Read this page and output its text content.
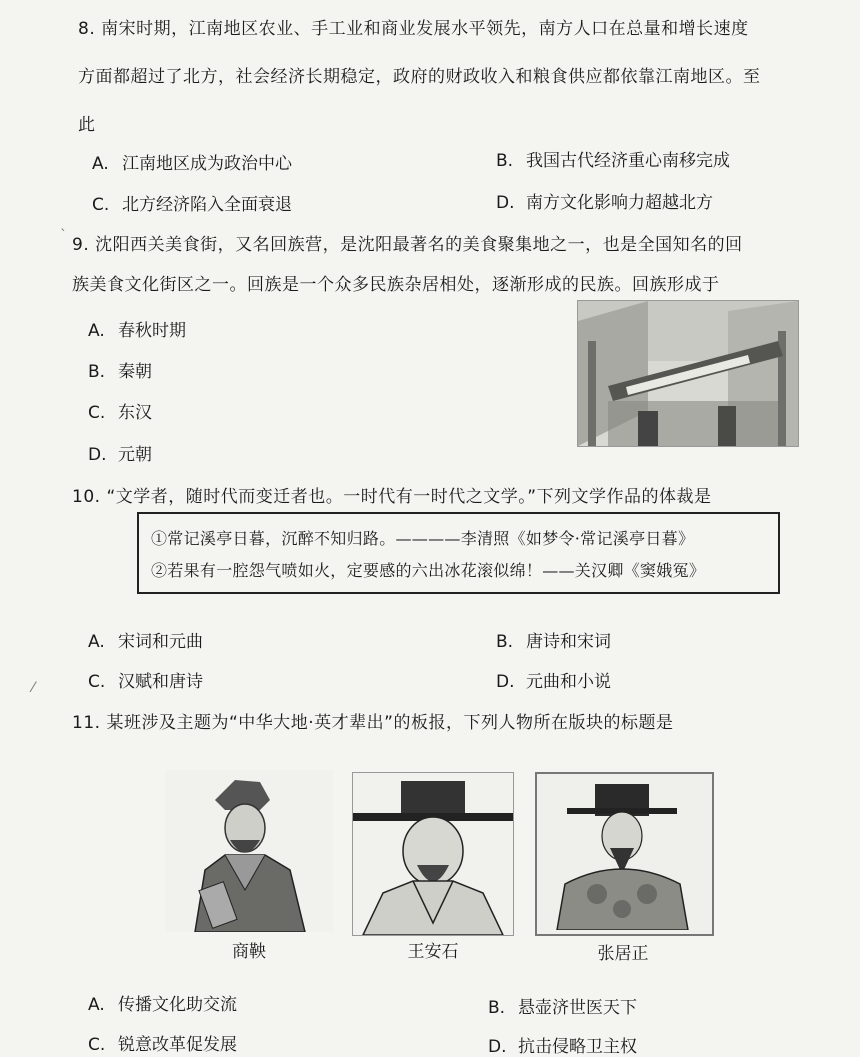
8. 南宋时期，江南地区农业、手工业和商业发展水平领先，南方人口在总量和增长速度
方面都超过了北方，社会经济长期稳定，政府的财政收入和粮食供应都依靠江南地区。至
此
A. 江南地区成为政治中心	B. 我国古代经济重心南移完成
C. 北方经济陷入全面衰退	D. 南方文化影响力超越北方
` 9. 沈阳西关美食街，又名回族营，是沈阳最著名的美食聚集地之一，也是全国知名的回
族美食文化街区之一。回族是一个众多民族杂居相处，逐渐形成的民族。回族形成于
A. 春秋时期
B. 秦朝
C. 东汉
D. 元朝
10. “文学者，随时代而变迁者也。一时代有一时代之文学。”下列文学作品的体裁是
①常记溪亭日暮，沉醉不知归路。————李清照《如梦令·常记溪亭日暮》
②若果有一腔怨气喷如火，定要感的六出冰花滚似绵！——关汉卿《窦娥冤》
A. 宋词和元曲	B. 唐诗和宋词
C. 汉赋和唐诗	D. 元曲和小说
⁄
11. 某班涉及主题为“中华大地·英才辈出”的板报，下列人物所在版块的标题是
商鞅	王安石	张居正
A. 传播文化助交流	B. 悬壶济世医天下
C. 锐意改革促发展	D. 抗击侵略卫主权
